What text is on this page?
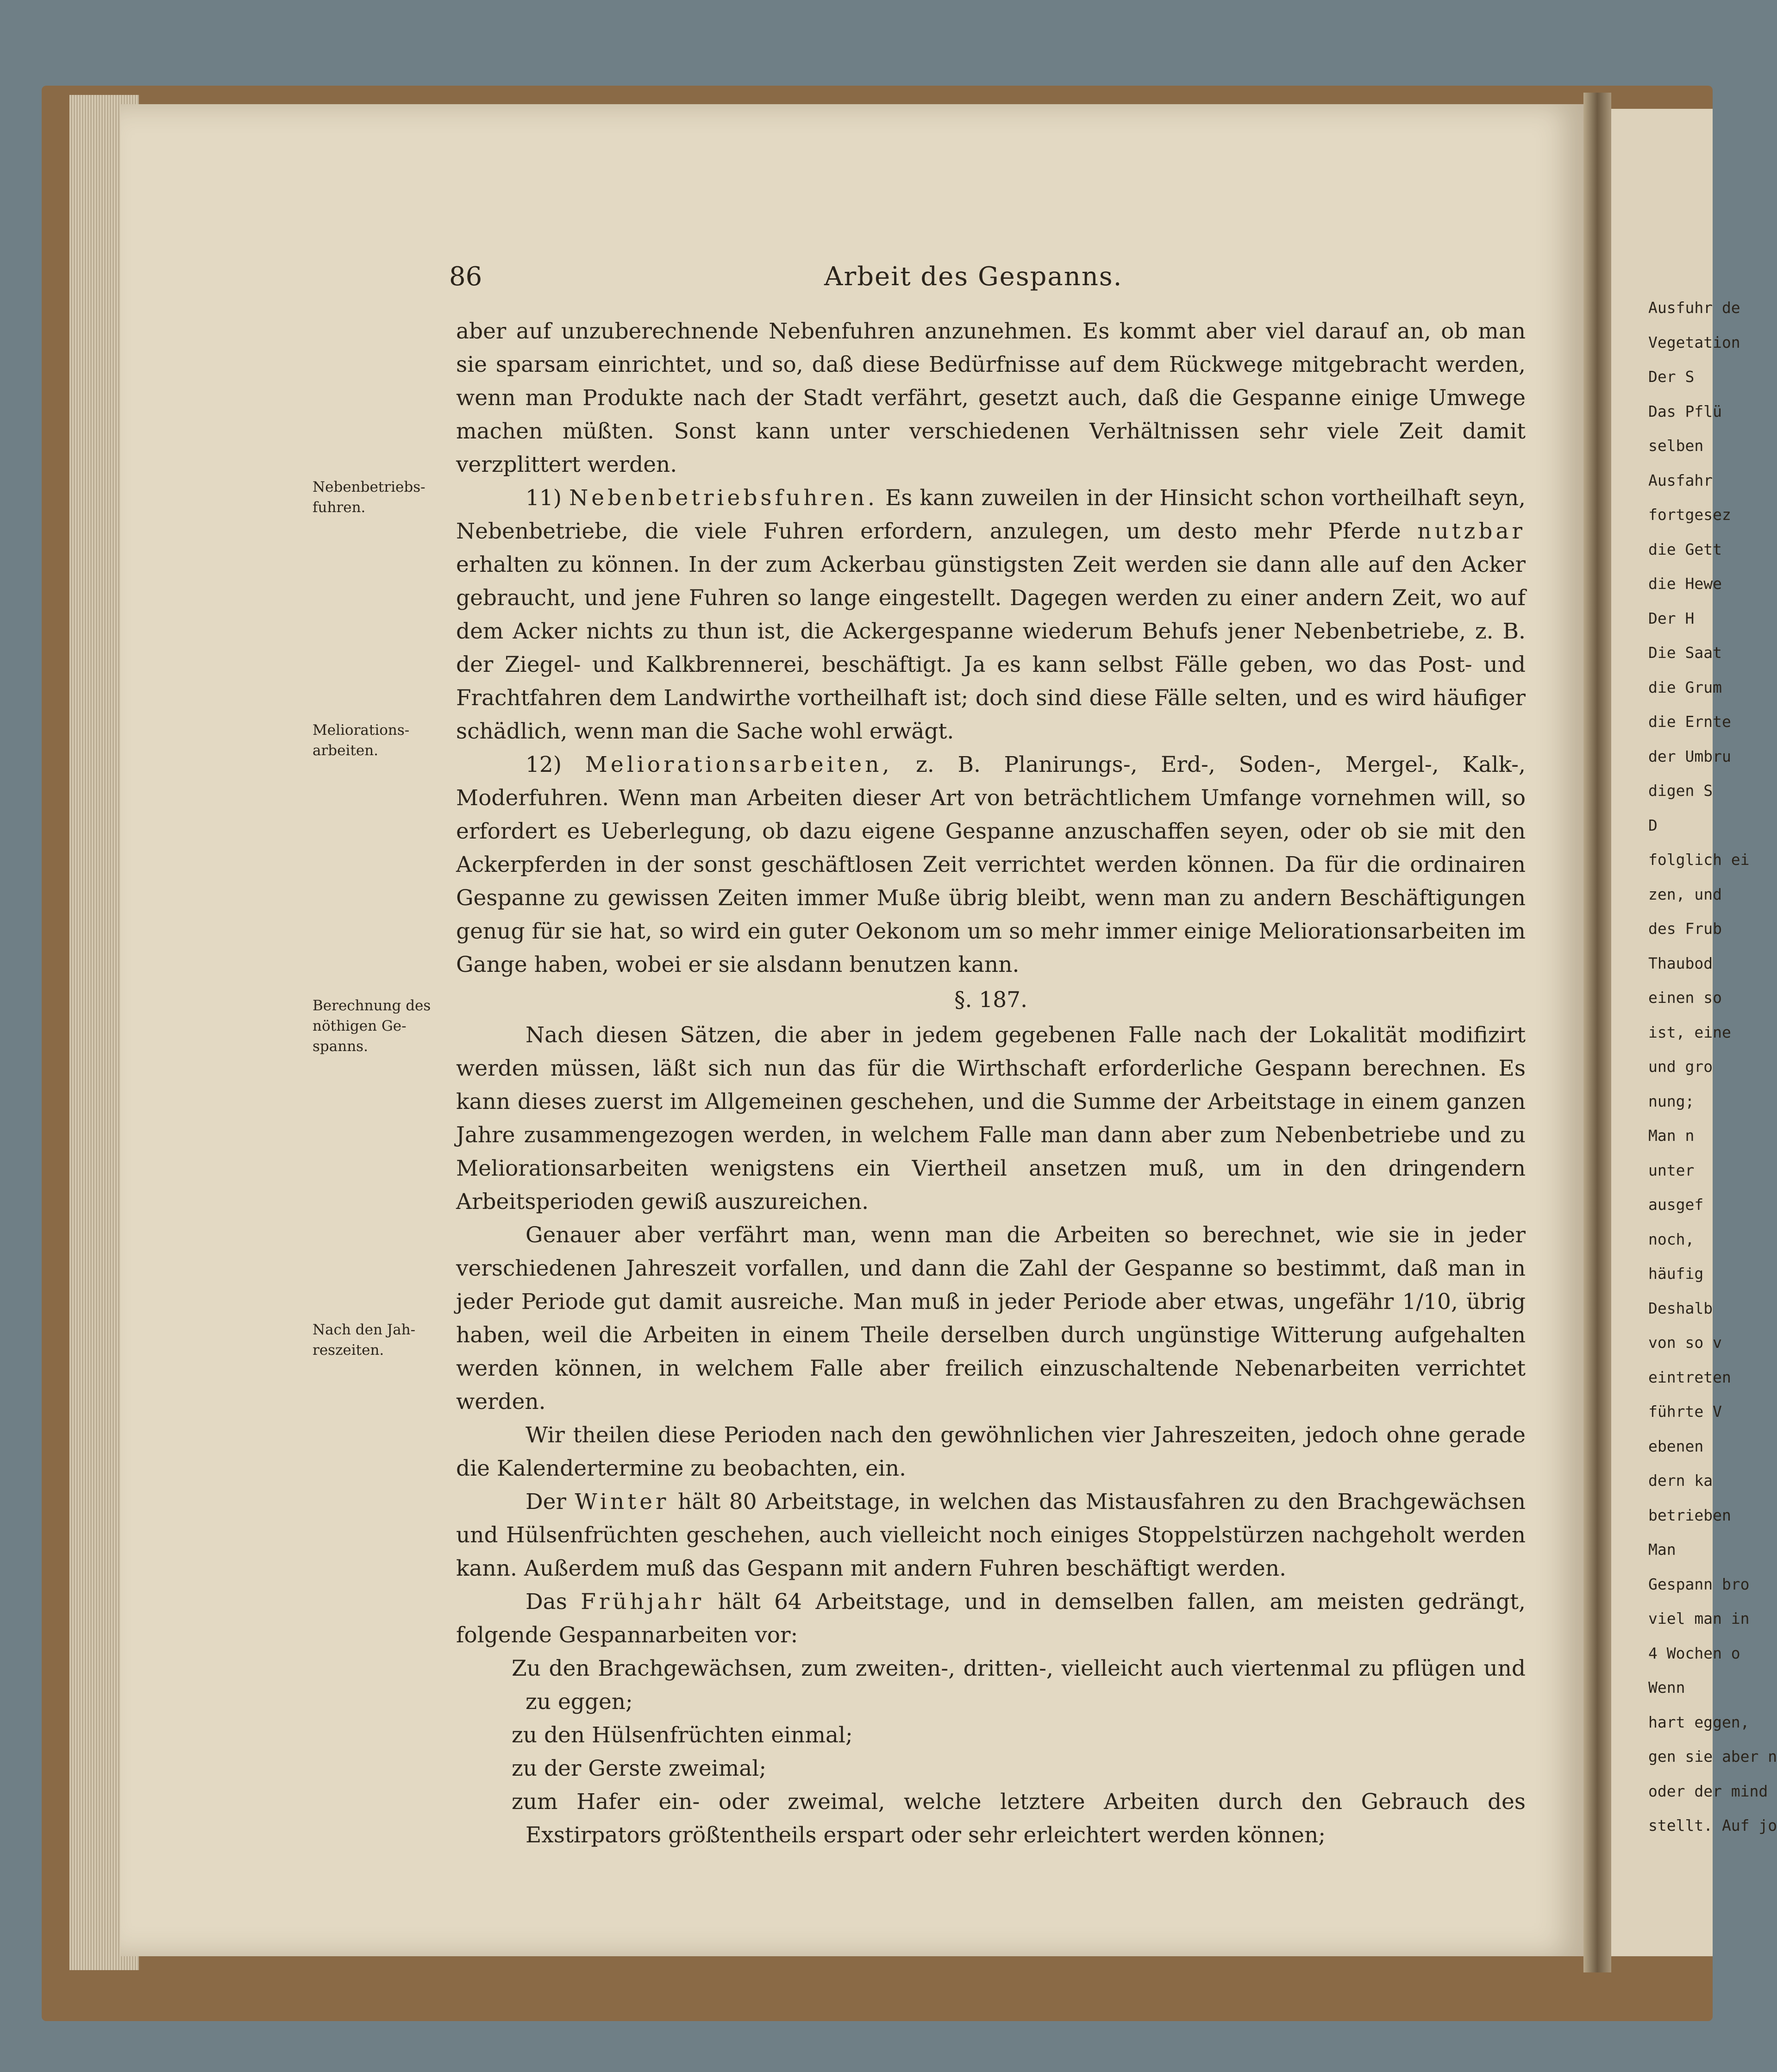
86	Arbeit des Gespanns.
Nebenbetriebs- fuhren.
Meliorations- arbeiten.
Berechnung des nöthigen Ge- spanns.
Nach den Jah- reszeiten.

aber auf unzuberechnende Nebenfuhren anzunehmen. Es kommt aber viel darauf an, ob man sie sparsam einrichtet, und so, daß diese Bedürfnisse auf dem Rückwege mitgebracht werden, wenn man Produkte nach der Stadt verfährt, gesetzt auch, daß die Gespanne einige Umwege machen müßten. Sonst kann unter verschiedenen Verhältnissen sehr viele Zeit damit verzplittert werden.

11) Nebenbetriebsfuhren. Es kann zuweilen in der Hinsicht schon vortheilhaft seyn, Nebenbetriebe, die viele Fuhren erfordern, anzulegen, um desto mehr Pferde nutzbar erhalten zu können. In der zum Ackerbau günstigsten Zeit werden sie dann alle auf den Acker gebraucht, und jene Fuhren so lange eingestellt. Dagegen werden zu einer andern Zeit, wo auf dem Acker nichts zu thun ist, die Ackergespanne wiederum Behufs jener Nebenbetriebe, z. B. der Ziegel- und Kalkbrennerei, beschäftigt. Ja es kann selbst Fälle geben, wo das Post- und Frachtfahren dem Landwirthe vortheilhaft ist; doch sind diese Fälle selten, und es wird häufiger schädlich, wenn man die Sache wohl erwägt.

12) Meliorationsarbeiten, z. B. Planirungs-, Erd-, Soden-, Mergel-, Kalk-, Moderfuhren. Wenn man Arbeiten dieser Art von beträchtlichem Umfange vornehmen will, so erfordert es Ueberlegung, ob dazu eigene Gespanne anzuschaffen seyen, oder ob sie mit den Ackerpferden in der sonst geschäftlosen Zeit verrichtet werden können. Da für die ordinairen Gespanne zu gewissen Zeiten immer Muße übrig bleibt, wenn man zu andern Beschäftigungen genug für sie hat, so wird ein guter Oekonom um so mehr immer einige Meliorationsarbeiten im Gange haben, wobei er sie alsdann benutzen kann.

§. 187.

Nach diesen Sätzen, die aber in jedem gegebenen Falle nach der Lokalität modifizirt werden müssen, läßt sich nun das für die Wirthschaft erforderliche Gespann berechnen. Es kann dieses zuerst im Allgemeinen geschehen, und die Summe der Arbeitstage in einem ganzen Jahre zusammengezogen werden, in welchem Falle man dann aber zum Nebenbetriebe und zu Meliorationsarbeiten wenigstens ein Viertheil ansetzen muß, um in den dringendern Arbeitsperioden gewiß auszureichen.

Genauer aber verfährt man, wenn man die Arbeiten so berechnet, wie sie in jeder verschiedenen Jahreszeit vorfallen, und dann die Zahl der Gespanne so bestimmt, daß man in jeder Periode gut damit ausreiche. Man muß in jeder Periode aber etwas, ungefähr 1/10, übrig haben, weil die Arbeiten in einem Theile derselben durch ungünstige Witterung aufgehalten werden können, in welchem Falle aber freilich einzuschaltende Nebenarbeiten verrichtet werden.

Wir theilen diese Perioden nach den gewöhnlichen vier Jahreszeiten, jedoch ohne gerade die Kalendertermine zu beobachten, ein.

Der Winter hält 80 Arbeitstage, in welchen das Mistausfahren zu den Brachgewächsen und Hülsenfrüchten geschehen, auch vielleicht noch einiges Stoppelstürzen nachgeholt werden kann. Außerdem muß das Gespann mit andern Fuhren beschäftigt werden.

Das Frühjahr hält 64 Arbeitstage, und in demselben fallen, am meisten gedrängt, folgende Gespannarbeiten vor:

Zu den Brachgewächsen, zum zweiten-, dritten-, vielleicht auch viertenmal zu pflügen und zu eggen;

zu den Hülsenfrüchten einmal;

zu der Gerste zweimal;

zum Hafer ein- oder zweimal, welche letztere Arbeiten durch den Gebrauch des Exstirpators größtentheils erspart oder sehr erleichtert werden können;

Ausfuhr de
Vegetation
Der S
Das Pflü
selben
Ausfahr
fortgesez
die Gett
die Hewe
Der H
Die Saat
die Grum
die Ernte
der Umbru
digen S
D
folglich ei
zen, und
des Frub
Thaubod
einen so
ist, eine
und gro
nung;
Man n
unter
ausgef
noch,
häufig
Deshalb
von so v
eintreten
führte V
ebenen
dern ka
betrieben
Man
Gespann bro
viel man in
4 Wochen o
Wenn
hart eggen,
gen sie aber n
oder der mind
stellt. Auf jo
